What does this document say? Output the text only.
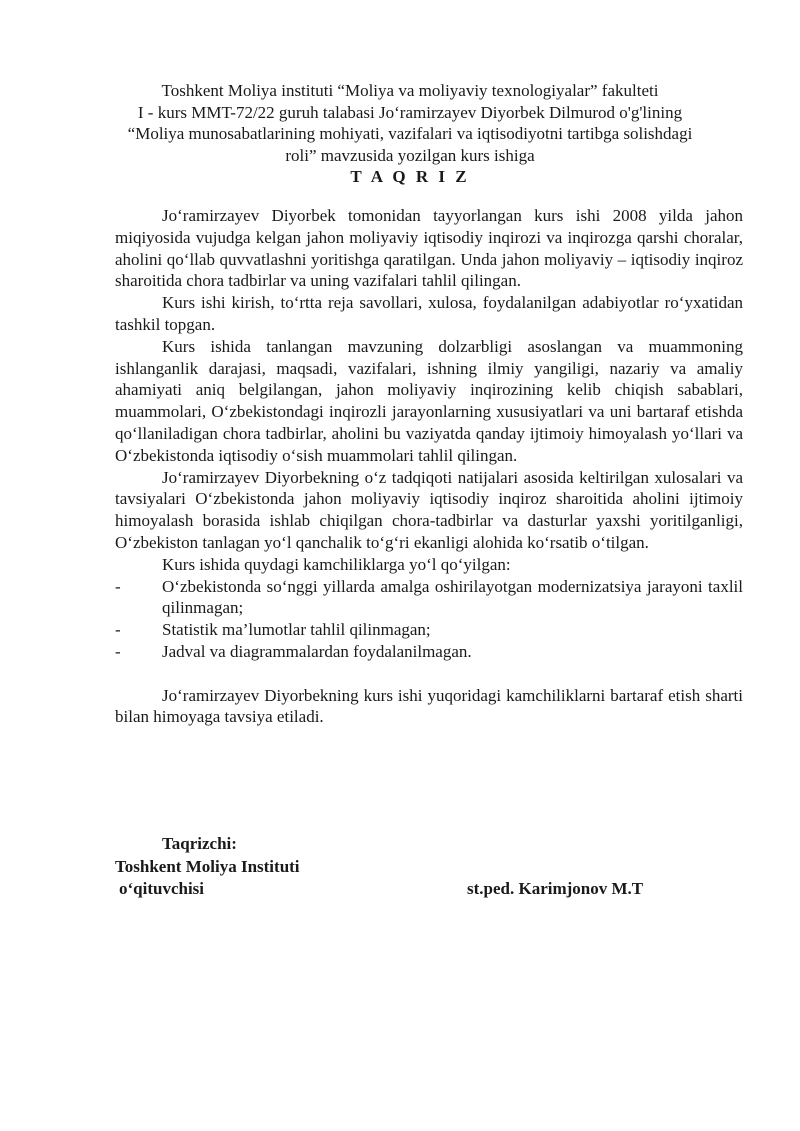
Toshkent Moliya instituti “Moliya va moliyaviy texnologiyalar” fakulteti
I - kurs MMT-72/22 guruh talabasi Jo‘ramirzayev Diyorbek Dilmurod o'g'lining
“Moliya munosabatlarining mohiyati, vazifalari va iqtisodiyotni tartibga solishdagi
roli” mavzusida yozilgan kurs ishiga
T A Q R I Z

Jo‘ramirzayev Diyorbek tomonidan tayyorlangan kurs ishi 2008 yilda jahon miqiyosida vujudga kelgan jahon moliyaviy iqtisodiy inqirozi va inqirozga qarshi choralar, aholini qo‘llab quvvatlashni yoritishga qaratilgan. Unda jahon moliyaviy – iqtisodiy inqiroz sharoitida chora tadbirlar va uning vazifalari tahlil qilingan.

Kurs ishi kirish, to‘rtta reja savollari, xulosa, foydalanilgan adabiyotlar ro‘yxatidan tashkil topgan.

Kurs ishida tanlangan mavzuning dolzarbligi asoslangan va muammoning ishlanganlik darajasi, maqsadi, vazifalari, ishning ilmiy yangiligi, nazariy va amaliy ahamiyati aniq belgilangan, jahon moliyaviy inqirozining kelib chiqish sabablari, muammolari, O‘zbekistondagi inqirozli jarayonlarning xususiyatlari va uni bartaraf etishda qo‘llaniladigan chora tadbirlar, aholini bu vaziyatda qanday ijtimoiy himoyalash yo‘llari va O‘zbekistonda iqtisodiy o‘sish muammolari tahlil qilingan.

Jo‘ramirzayev Diyorbekning o‘z tadqiqoti natijalari asosida keltirilgan xulosalari va tavsiyalari O‘zbekistonda jahon moliyaviy iqtisodiy inqiroz sharoitida aholini ijtimoiy himoyalash borasida ishlab chiqilgan chora-tadbirlar va dasturlar yaxshi yoritilganligi, O‘zbekiston tanlagan yo‘l qanchalik to‘g‘ri ekanligi alohida ko‘rsatib o‘tilgan.

Kurs ishida quydagi kamchiliklarga yo‘l qo‘yilgan:

- O‘zbekistonda so‘nggi yillarda amalga oshirilayotgan modernizatsiya jarayoni taxlil qilinmagan;

- Statistik ma’lumotlar tahlil qilinmagan;

- Jadval va diagrammalardan foydalanilmagan.

Jo‘ramirzayev Diyorbekning kurs ishi yuqoridagi kamchiliklarni bartaraf etish sharti bilan himoyaga tavsiya etiladi.

Taqrizchi:
Toshkent Moliya Instituti
o‘qituvchisi	st.ped. Karimjonov M.T
